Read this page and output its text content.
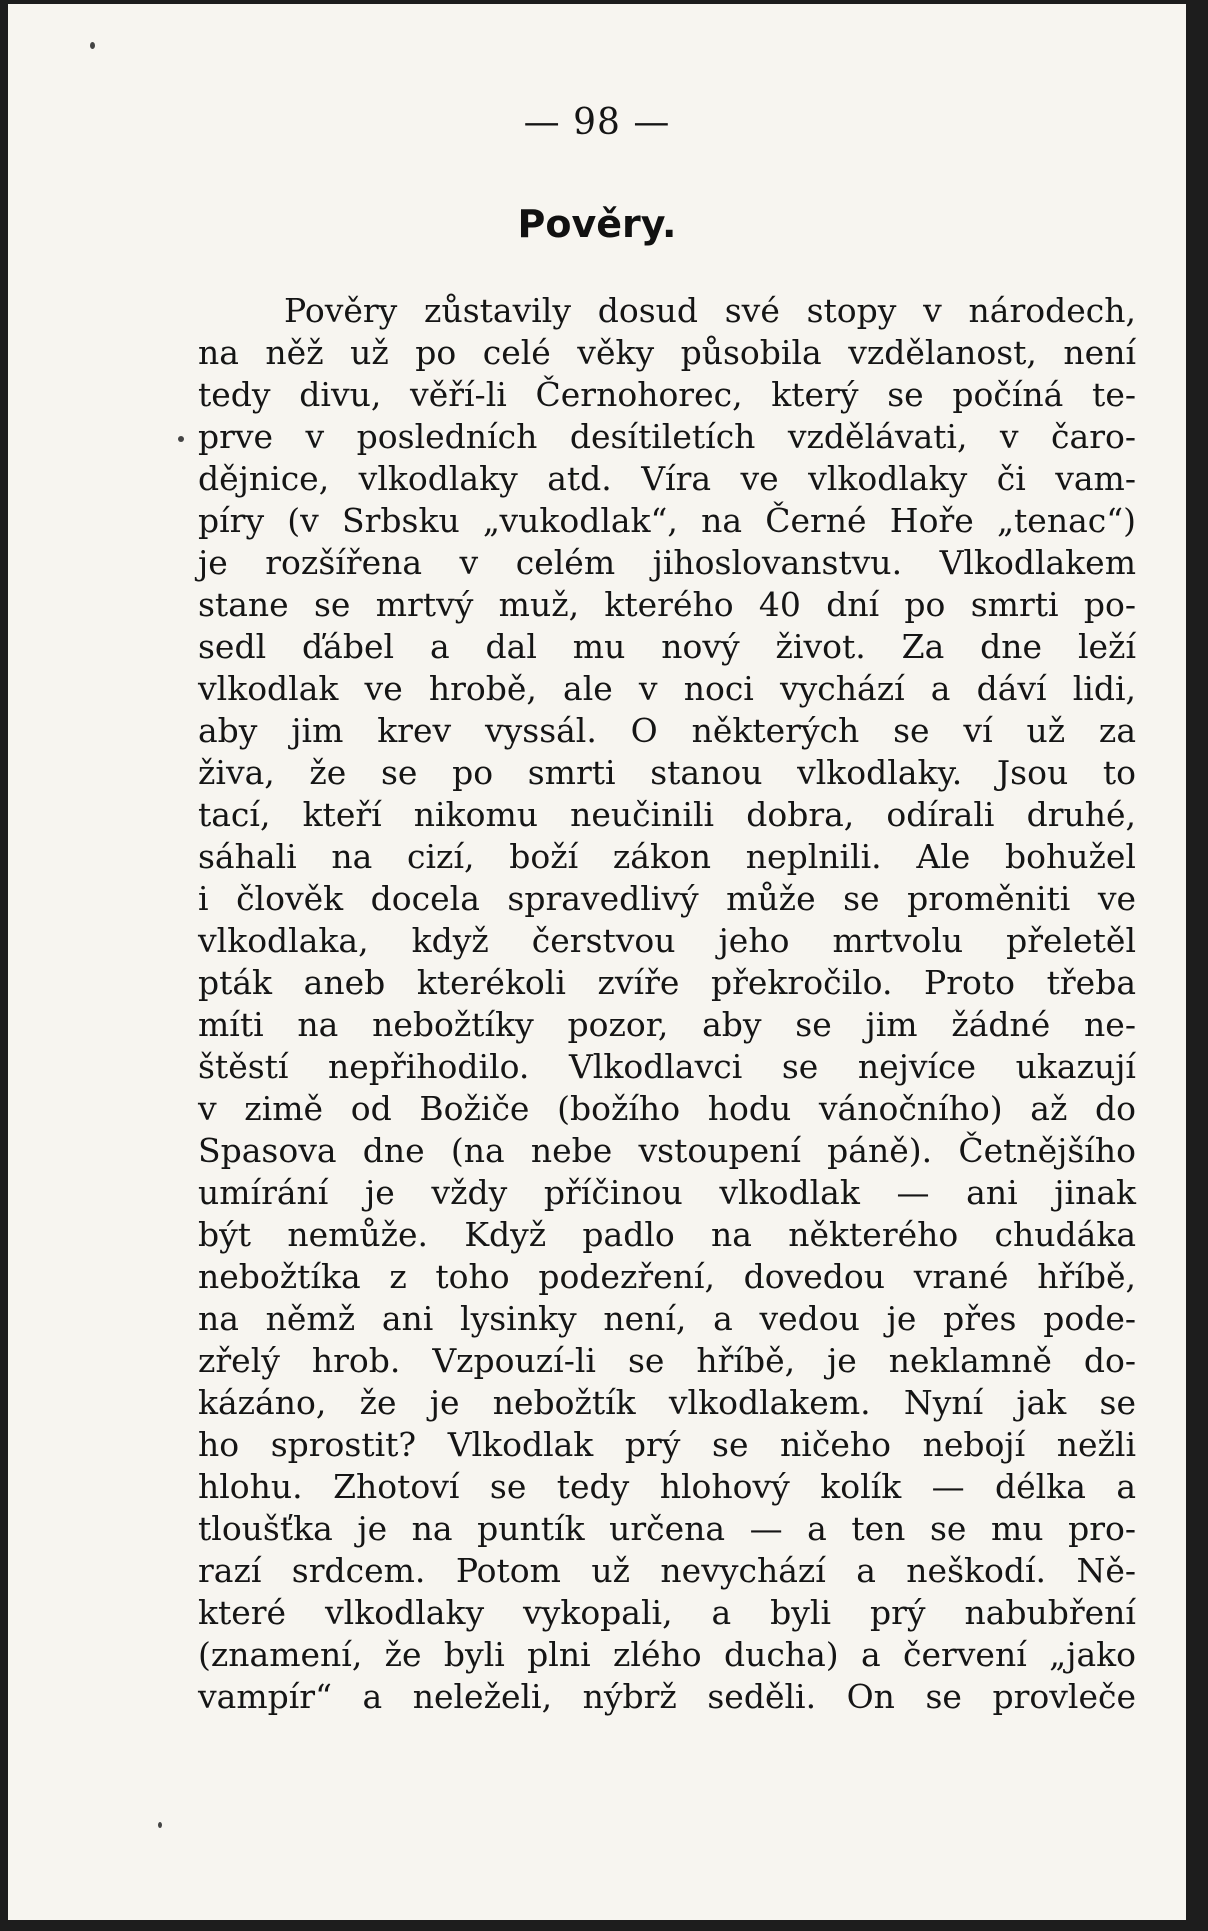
— 98 —
Pověry.
Pověry zůstavily dosud své stopy v národech,
na něž už po celé věky působila vzdělanost, není
tedy divu, věří-li Černohorec, který se počíná te-
prve v posledních desítiletích vzdělávati, v čaro-
dějnice, vlkodlaky atd. Víra ve vlkodlaky či vam-
píry (v Srbsku „vukodlak“, na Černé Hoře „tenac“)
je rozšířena v celém jihoslovanstvu. Vlkodlakem
stane se mrtvý muž, kterého 40 dní po smrti po-
sedl ďábel a dal mu nový život. Za dne leží
vlkodlak ve hrobě, ale v noci vychází a dáví lidi,
aby jim krev vyssál. O některých se ví už za
živa, že se po smrti stanou vlkodlaky. Jsou to
tací, kteří nikomu neučinili dobra, odírali druhé,
sáhali na cizí, boží zákon neplnili. Ale bohužel
i člověk docela spravedlivý může se proměniti ve
vlkodlaka, když čerstvou jeho mrtvolu přeletěl
pták aneb kterékoli zvíře překročilo. Proto třeba
míti na nebožtíky pozor, aby se jim žádné ne-
štěstí nepřihodilo. Vlkodlavci se nejvíce ukazují
v zimě od Božiče (božího hodu vánočního) až do
Spasova dne (na nebe vstoupení páně). Četnějšího
umírání je vždy příčinou vlkodlak — ani jinak
být nemůže. Když padlo na některého chudáka
nebožtíka z toho podezření, dovedou vrané hříbě,
na němž ani lysinky není, a vedou je přes pode-
zřelý hrob. Vzpouzí-li se hříbě, je neklamně do-
kázáno, že je nebožtík vlkodlakem. Nyní jak se
ho sprostit? Vlkodlak prý se ničeho nebojí nežli
hlohu. Zhotoví se tedy hlohový kolík — délka a
tloušťka je na puntík určena — a ten se mu pro-
razí srdcem. Potom už nevychází a neškodí. Ně-
které vlkodlaky vykopali, a byli prý nabubření
(znamení, že byli plni zlého ducha) a červení „jako
vampír“ a neleželi, nýbrž seděli. On se provleče
